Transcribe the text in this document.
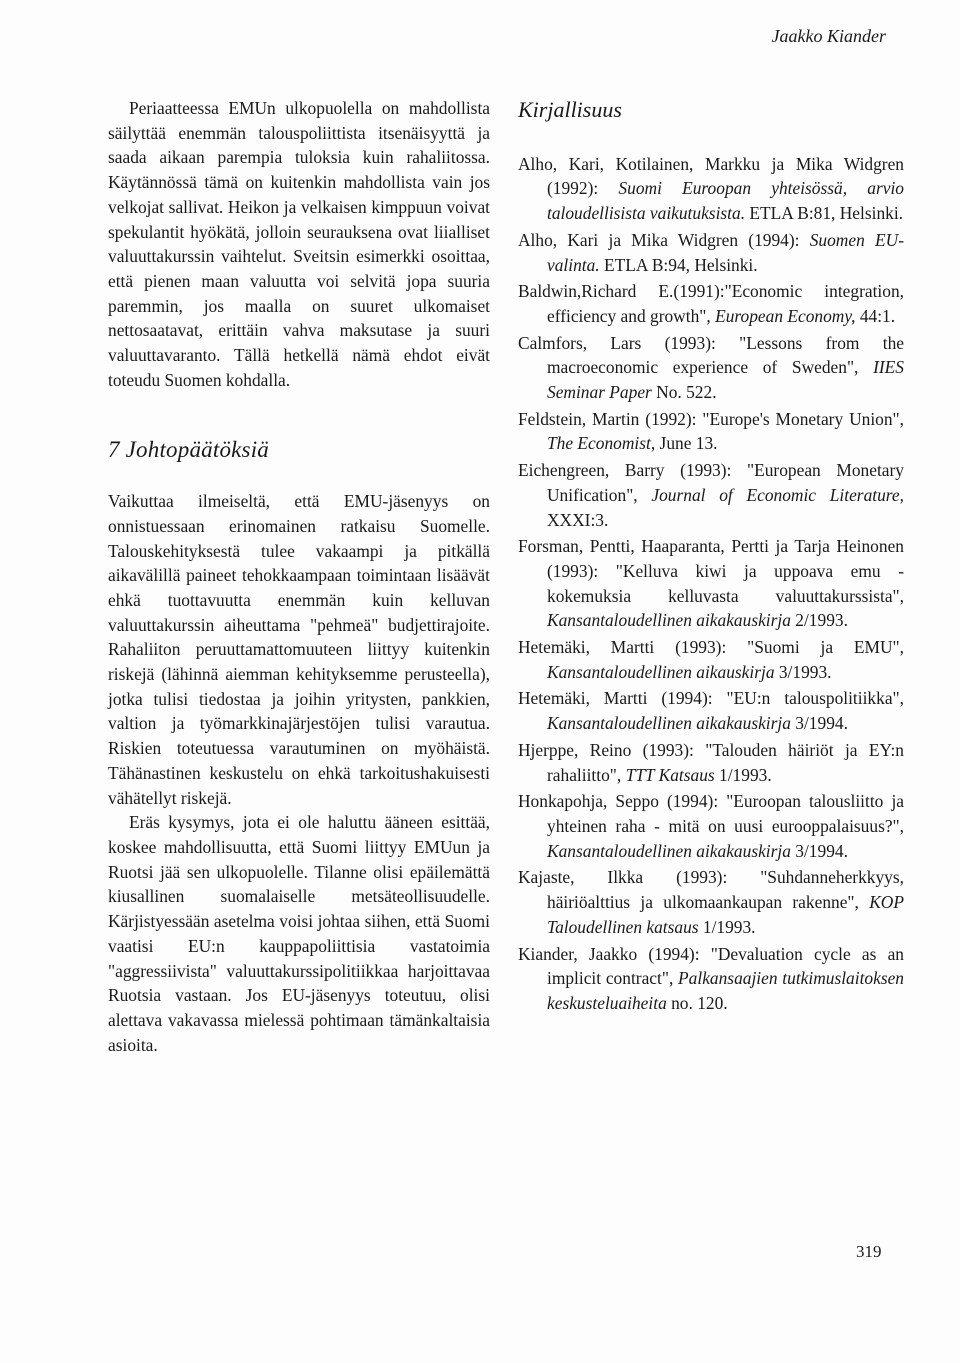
Jaakko Kiander

Periaatteessa EMUn ulkopuolella on mahdollista säilyttää enemmän talouspoliittista itsenäisyyttä ja saada aikaan parempia tuloksia kuin rahaliitossa. Käytännössä tämä on kuitenkin mahdollista vain jos velkojat sallivat. Heikon ja velkaisen kimppuun voivat spekulantit hyökätä, jolloin seurauksena ovat liialliset valuuttakurssin vaihtelut. Sveitsin esimerkki osoittaa, että pienen maan valuutta voi selvitä jopa suuria paremmin, jos maalla on suuret ulkomaiset nettosaatavat, erittäin vahva maksutase ja suuri valuuttavaranto. Tällä hetkellä nämä ehdot eivät toteudu Suomen kohdalla.

7 Johtopäätöksiä

Vaikuttaa ilmeiseltä, että EMU-jäsenyys on onnistuessaan erinomainen ratkaisu Suomelle. Talouskehityksestä tulee vakaampi ja pitkällä aikavälillä paineet tehokkaampaan toimintaan lisäävät ehkä tuottavuutta enemmän kuin kelluvan valuuttakurssin aiheuttama "pehmeä" budjettirajoite. Rahaliiton peruuttamattomuuteen liittyy kuitenkin riskejä (lähinnä aiemman kehityksemme perusteella), jotka tulisi tiedostaa ja joihin yritysten, pankkien, valtion ja työmarkkinajärjestöjen tulisi varautua. Riskien toteutuessa varautuminen on myöhäistä. Tähänastinen keskustelu on ehkä tarkoitushakuisesti vähätellyt riskejä.

Eräs kysymys, jota ei ole haluttu ääneen esittää, koskee mahdollisuutta, että Suomi liittyy EMUun ja Ruotsi jää sen ulkopuolelle. Tilanne olisi epäilemättä kiusallinen suomalaiselle metsäteollisuudelle. Kärjistyessään asetelma voisi johtaa siihen, että Suomi vaatisi EU:n kauppapoliittisia vastatoimia "aggressiivista" valuuttakurssipolitiikkaa harjoittavaa Ruotsia vastaan. Jos EU-jäsenyys toteutuu, olisi alettava vakavassa mielessä pohtimaan tämänkaltaisia asioita.

Kirjallisuus

Alho, Kari, Kotilainen, Markku ja Mika Widgren (1992): Suomi Euroopan yhteisössä, arvio taloudellisista vaikutuksista. ETLA B:81, Helsinki.

Alho, Kari ja Mika Widgren (1994): Suomen EU-valinta. ETLA B:94, Helsinki.

Baldwin,Richard E.(1991):"Economic integration, efficiency and growth", European Economy, 44:1.

Calmfors, Lars (1993): "Lessons from the macroeconomic experience of Sweden", IIES Seminar Paper No. 522.

Feldstein, Martin (1992): "Europe's Monetary Union", The Economist, June 13.

Eichengreen, Barry (1993): "European Monetary Unification", Journal of Economic Literature, XXXI:3.

Forsman, Pentti, Haaparanta, Pertti ja Tarja Heinonen (1993): "Kelluva kiwi ja uppoava emu - kokemuksia kelluvasta valuuttakurssista", Kansantaloudellinen aikakauskirja 2/1993.

Hetemäki, Martti (1993): "Suomi ja EMU", Kansantaloudellinen aikauskirja 3/1993.

Hetemäki, Martti (1994): "EU:n talouspolitiikka", Kansantaloudellinen aikakauskirja 3/1994.

Hjerppe, Reino (1993): "Talouden häiriöt ja EY:n rahaliitto", TTT Katsaus 1/1993.

Honkapohja, Seppo (1994): "Euroopan talousliitto ja yhteinen raha - mitä on uusi eurooppalaisuus?", Kansantaloudellinen aikakauskirja 3/1994.

Kajaste, Ilkka (1993): "Suhdanneherkkyys, häiriöalttius ja ulkomaankaupan rakenne", KOP Taloudellinen katsaus 1/1993.

Kiander, Jaakko (1994): "Devaluation cycle as an implicit contract", Palkansaajien tutkimuslaitoksen keskusteluaiheita no. 120.

319
